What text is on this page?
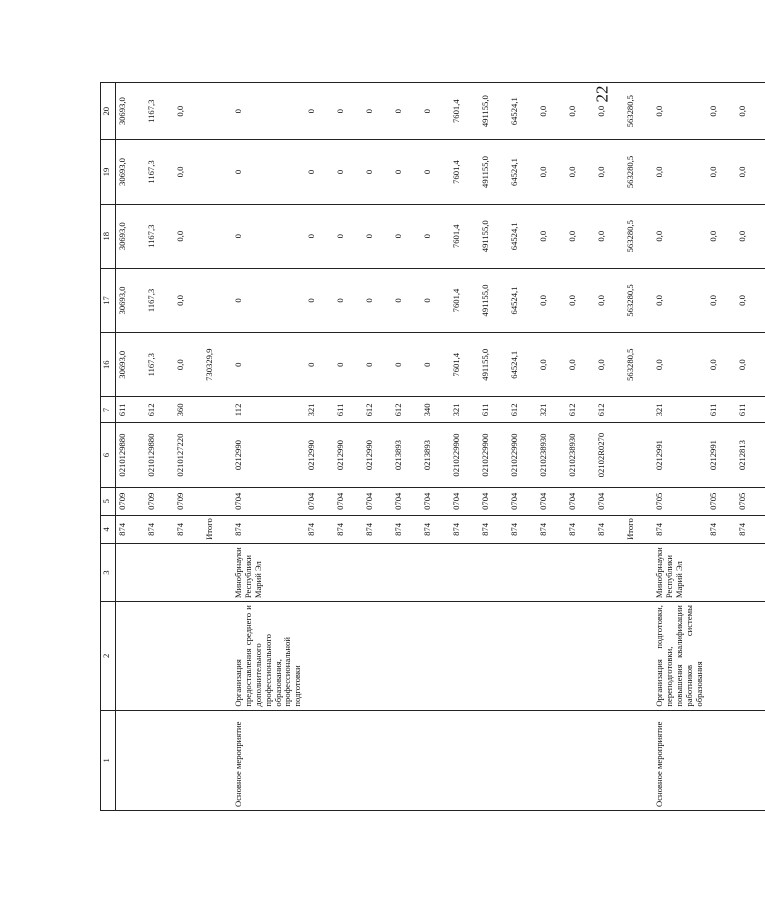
22
1	2	3	4	5	6	7	16	17	18	19	20
			874	0709	0210129880	611	30693,0	30693,0	30693,0	30693,0	30693,0
			874	0709	0210129880	612	1167,3	1167,3	1167,3	1167,3	1167,3
			874	0709	0210127220	360	0,0	0,0	0,0	0,0	0,0
			Итого				730329,9				
Основное мероприятие	Организация предоставления среднего и дополнительного профессионального образования, профессиональной подготовки	Минобрнауки Республики Марий Эл	874	0704	0212990	112	0	0	0	0	0
			874	0704	0212990	321	0	0	0	0	0
			874	0704	0212990	611	0	0	0	0	0
			874	0704	0212990	612	0	0	0	0	0
			874	0704	0213893	612	0	0	0	0	0
			874	0704	0213893	340	0	0	0	0	0
			874	0704	0210229900	321	7601,4	7601,4	7601,4	7601,4	7601,4
			874	0704	0210229900	611	491155,0	491155,0	491155,0	491155,0	491155,0
			874	0704	0210229900	612	64524,1	64524,1	64524,1	64524,1	64524,1
			874	0704	0210238930	321	0,0	0,0	0,0	0,0	0,0
			874	0704	0210238930	612	0,0	0,0	0,0	0,0	0,0
			874	0704	02102R0270	612	0,0	0,0	0,0	0,0	0,0
			Итого				563280,5	563280,5	563280,5	563280,5	563280,5
Основное мероприятие	Организация подготовки, переподготовки, повышения квалификации работников системы образования	Минобрнауки Республики Марий Эл	874	0705	0212991	321	0,0	0,0	0,0	0,0	0,0
			874	0705	0212991	611	0,0	0,0	0,0	0,0	0,0
			874	0705	0212813	611	0,0	0,0	0,0	0,0	0,0
